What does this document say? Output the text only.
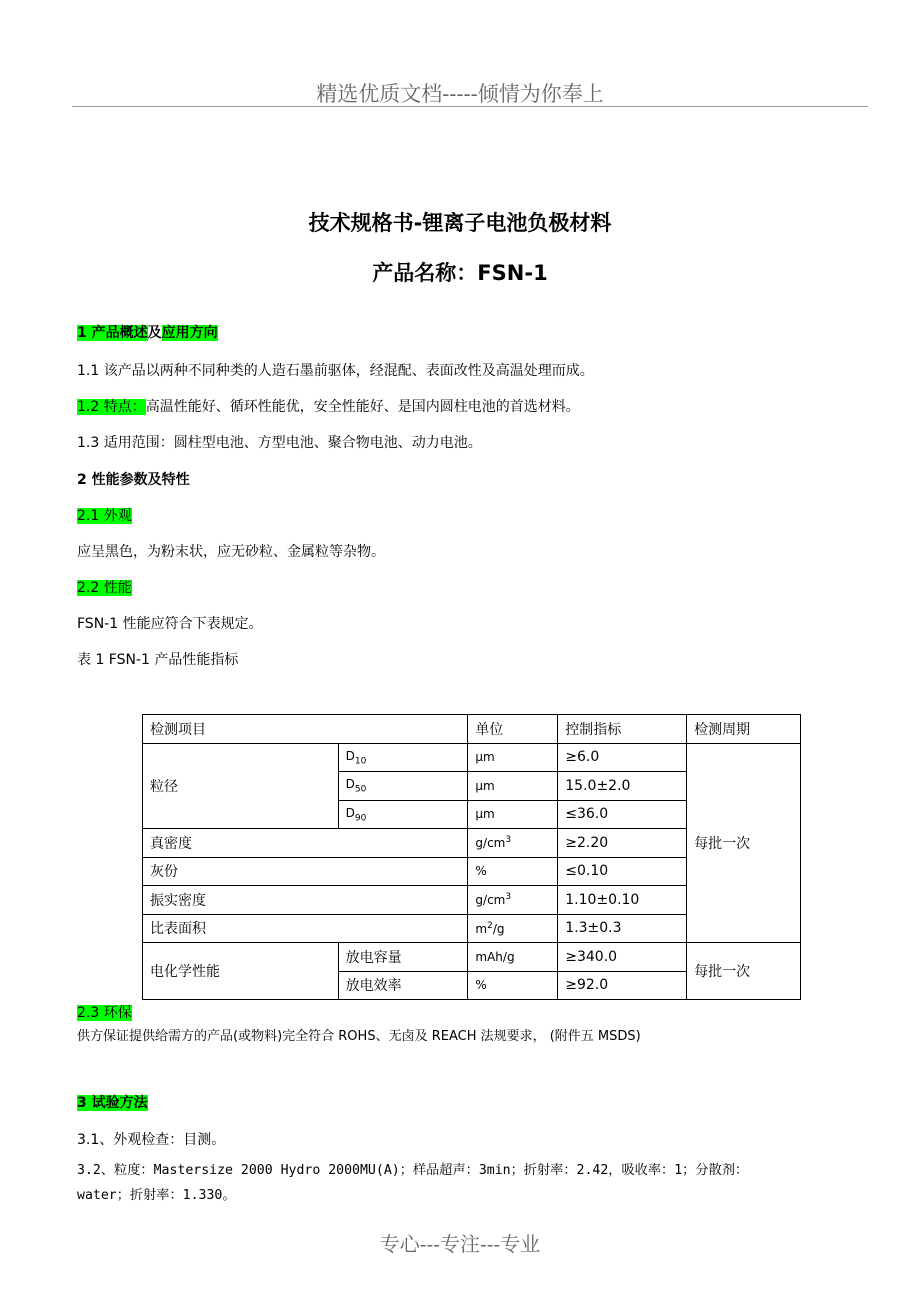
精选优质文档-----倾情为你奉上
技术规格书-锂离子电池负极材料
产品名称：FSN-1
1 产品概述及应用方向
1.1 该产品以两种不同种类的人造石墨前驱体，经混配、表面改性及高温处理而成。
1.2 特点：高温性能好、循环性能优，安全性能好、是国内圆柱电池的首选材料。
1.3 适用范围：圆柱型电池、方型电池、聚合物电池、动力电池。
2 性能参数及特性
2.1 外观
应呈黑色，为粉末状，应无砂粒、金属粒等杂物。
2.2 性能
FSN-1 性能应符合下表规定。
表 1 FSN-1 产品性能指标
检测项目		单位	控制指标	检测周期
粒径	$D_{10}$	μm	≥6.0	每批一次
	$D_{50}$	μm	15.0±2.0	
	$D_{90}$	μm	≤36.0	
真密度		$g/cm^3$	≥2.20	
灰份		%	≤0.10	
振实密度		$g/cm^3$	1.10±0.10	
比表面积		$m^2/g$	1.3±0.3	
电化学性能	放电容量	mAh/g	≥340.0	每批一次
	放电效率	%	≥92.0	
2.3 环保
供方保证提供给需方的产品(或物料)完全符合 ROHS、无卤及 REACH 法规要求， (附件五 MSDS)
3 试验方法
3.1、外观检查：目测。
3.2、粒度：Mastersize 2000 Hydro 2000MU(A)；样品超声：3min；折射率：2.42，吸收率：1；分散剂：
water；折射率：1.330。
专心---专注---专业
